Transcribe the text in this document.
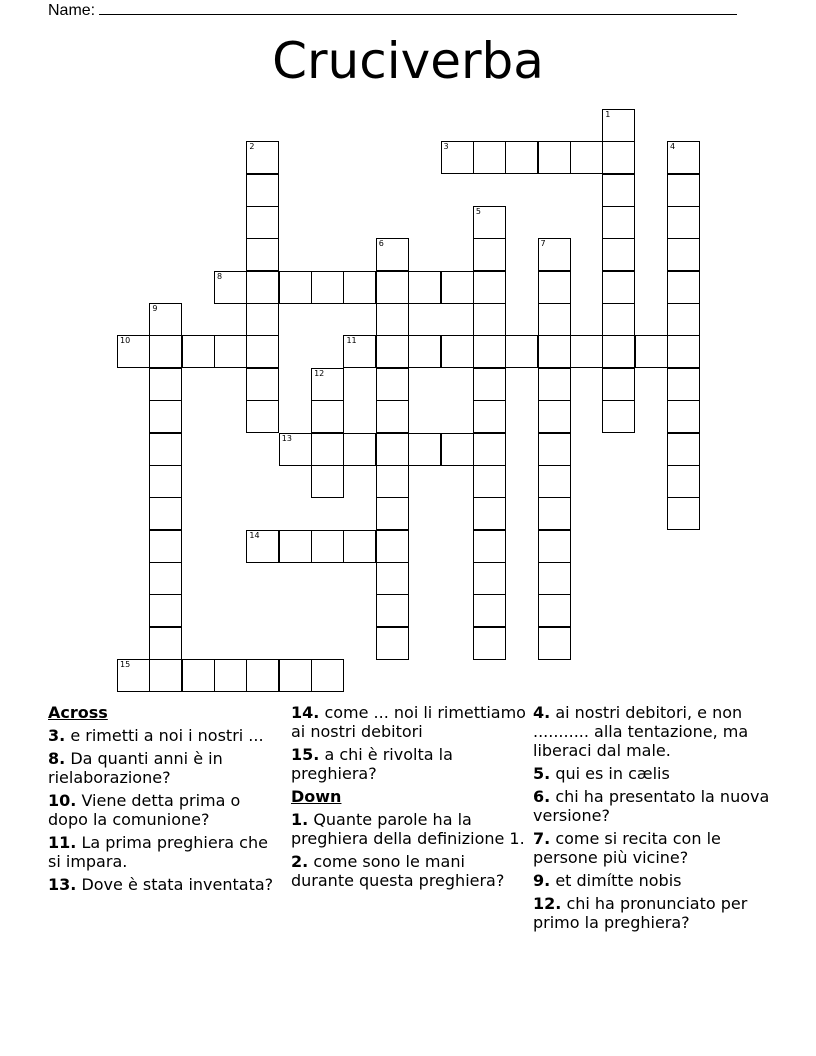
Name:
Cruciverba
1
2	3	4
5
6	7
8
9
10	11
12
13
14
15
Across
3. e rimetti a noi i nostri ...
8. Da quanti anni è in rielaborazione?
10. Viene detta prima o dopo la comunione?
11. La prima preghiera che si impara.
13. Dove è stata inventata?
14. come ... noi li rimettiamo ai nostri debitori
15. a chi è rivolta la preghiera?
Down
1. Quante parole ha la preghiera della definizione 1.
2. come sono le mani durante questa preghiera?
4. ai nostri debitori, e non ........... alla tentazione, ma liberaci dal male.
5. qui es in cælis
6. chi ha presentato la nuova versione?
7. come si recita con le persone più vicine?
9. et dimítte nobis
12. chi ha pronunciato per primo la preghiera?
